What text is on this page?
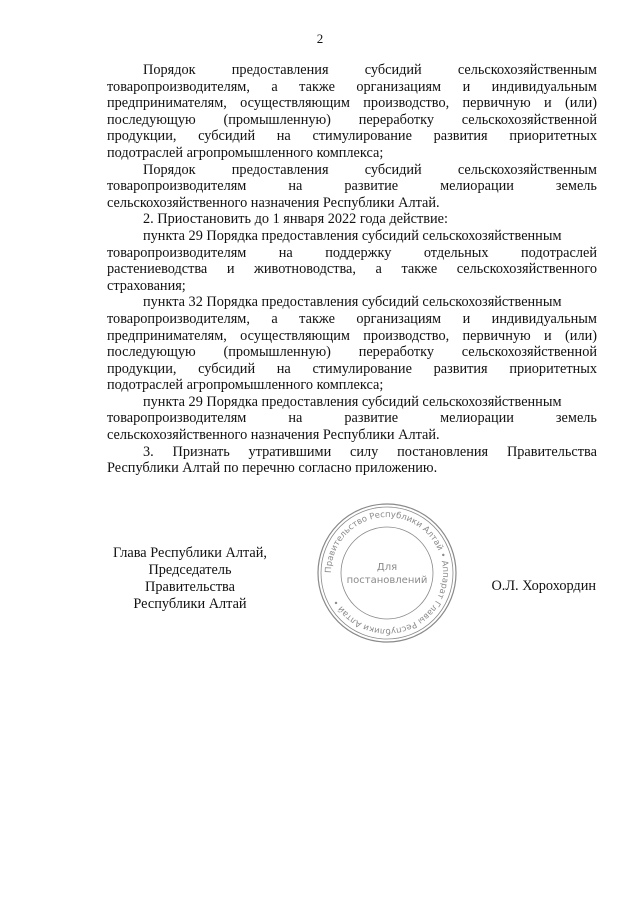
2
Порядок	предоставления	субсидий	сельскохозяйственным
товаропроизводителям, а также организациям и индивидуальным
предпринимателям, осуществляющим производство, первичную и (или)
последующую (промышленную) переработку сельскохозяйственной
продукции, субсидий на стимулирование развития приоритетных
подотраслей агропромышленного комплекса;
Порядок	предоставления	субсидий	сельскохозяйственным
товаропроизводителям	на	развитие	мелиорации	земель
сельскохозяйственного назначения Республики Алтай.
2. Приостановить до 1 января 2022 года действие:
пункта 29 Порядка предоставления субсидий сельскохозяйственным
товаропроизводителям на поддержку отдельных подотраслей
растениеводства и животноводства, а также сельскохозяйственного
страхования;
пункта 32 Порядка предоставления субсидий сельскохозяйственным
товаропроизводителям, а также организациям и индивидуальным
предпринимателям, осуществляющим производство, первичную и (или)
последующую (промышленную) переработку сельскохозяйственной
продукции, субсидий на стимулирование развития приоритетных
подотраслей агропромышленного комплекса;
пункта 29 Порядка предоставления субсидий сельскохозяйственным
товаропроизводителям	на	развитие	мелиорации	земель
сельскохозяйственного назначения Республики Алтай.
3. Признать утратившими силу постановления Правительства
Республики Алтай по перечню согласно приложению.
Глава Республики Алтай,
Председатель Правительства
Республики Алтай
Правительство Республики Алтай • Аппарат Главы Республики Алтай •
Для
постановлений	О.Л. Хорохордин
